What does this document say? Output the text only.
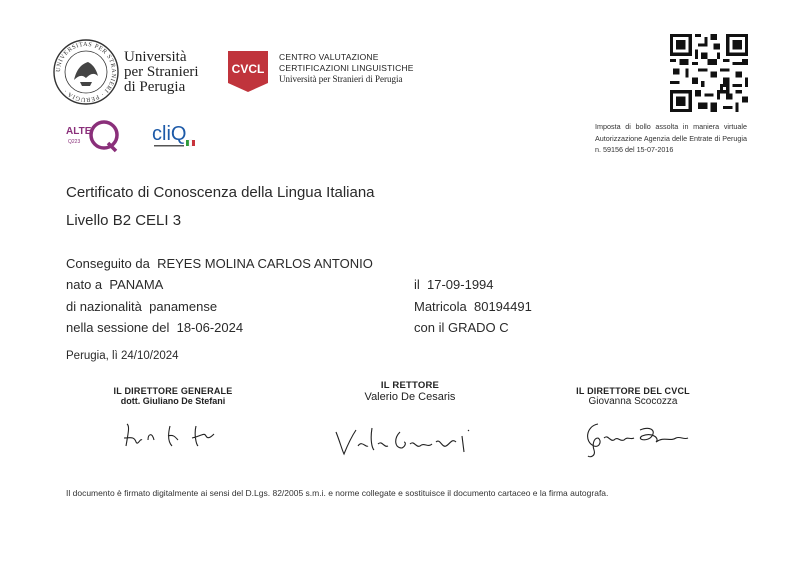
UNIVERSITAS PER STRANIERI · PERUGIA ·
Università
per Stranieri
di Perugia
CVCL
CENTRO VALUTAZIONE
CERTIFICAZIONI LINGUISTICHE
Università per Stranieri di Perugia
Imposta di bollo assolta in maniera virtuale Autorizzazione Agenzia delle Entrate di Perugia n. 59156 del 15-07-2016
ALTE
Q223	cliQ
Certificato di Conoscenza della Lingua Italiana
Livello B2 CELI 3
Conseguito da REYES MOLINA CARLOS ANTONIO
nato a PANAMA	il 17-09-1994
di nazionalità panamense	Matricola 80194491
nella sessione del 18-06-2024	con il GRADO C
Perugia, lì 24/10/2024
IL DIRETTORE GENERALE
dott. Giuliano De Stefani
IL RETTORE
Valerio De Cesaris	IL DIRETTORE DEL CVCL
Giovanna Scocozza
Il documento è firmato digitalmente ai sensi del D.Lgs. 82/2005 s.m.i. e norme collegate e sostituisce il documento cartaceo e la firma autografa.
